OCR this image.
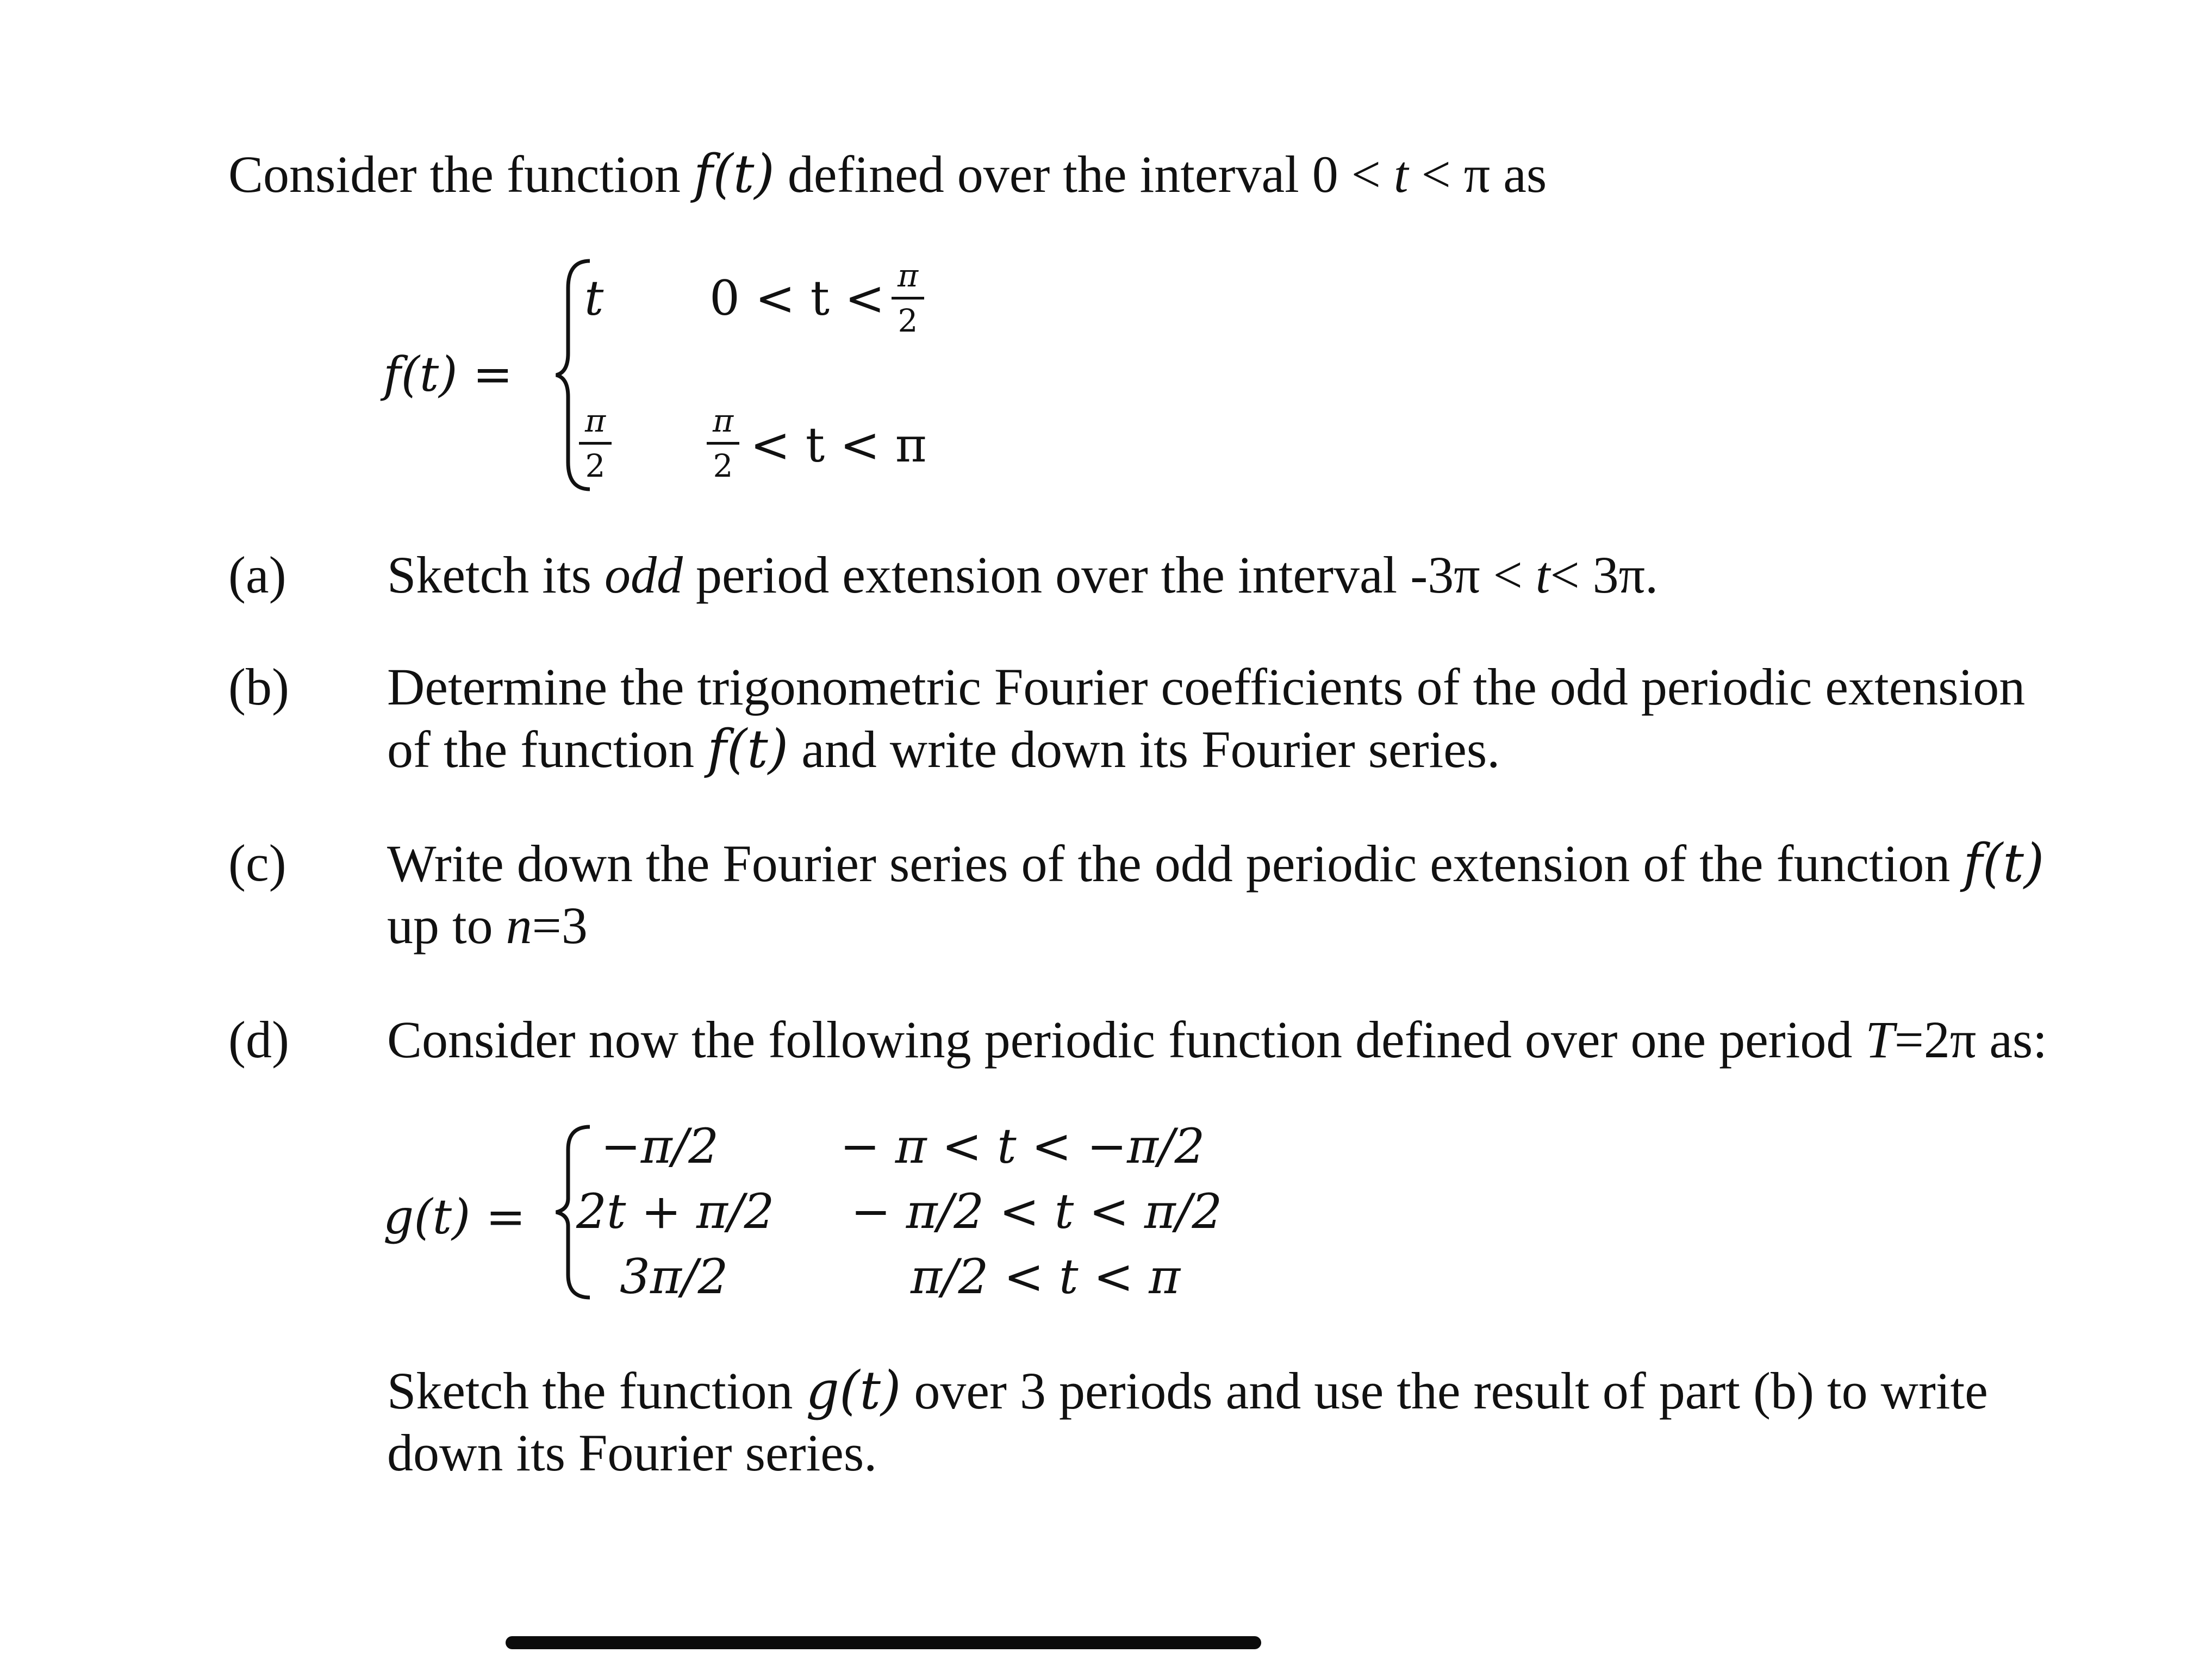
Consider the function f(t) defined over the interval 0 < t < π as
f(t) =
t 0 < t < π
2
π
2
π
2 < t < π
(a) Sketch its odd period extension over the interval -3π < t< 3π.
(b) Determine the trigonometric Fourier coefficients of the odd periodic extension
of the function f(t) and write down its Fourier series.
(c) Write down the Fourier series of the odd periodic extension of the function f(t)
up to n=3
(d) Consider now the following periodic function defined over one period T=2π as:
g(t) =
−π/2	− π < t < −π/2
2t + π/2 − π/2 < t < π/2
3π/2	π/2 < t < π
Sketch the function g(t) over 3 periods and use the result of part (b) to write
down its Fourier series.
